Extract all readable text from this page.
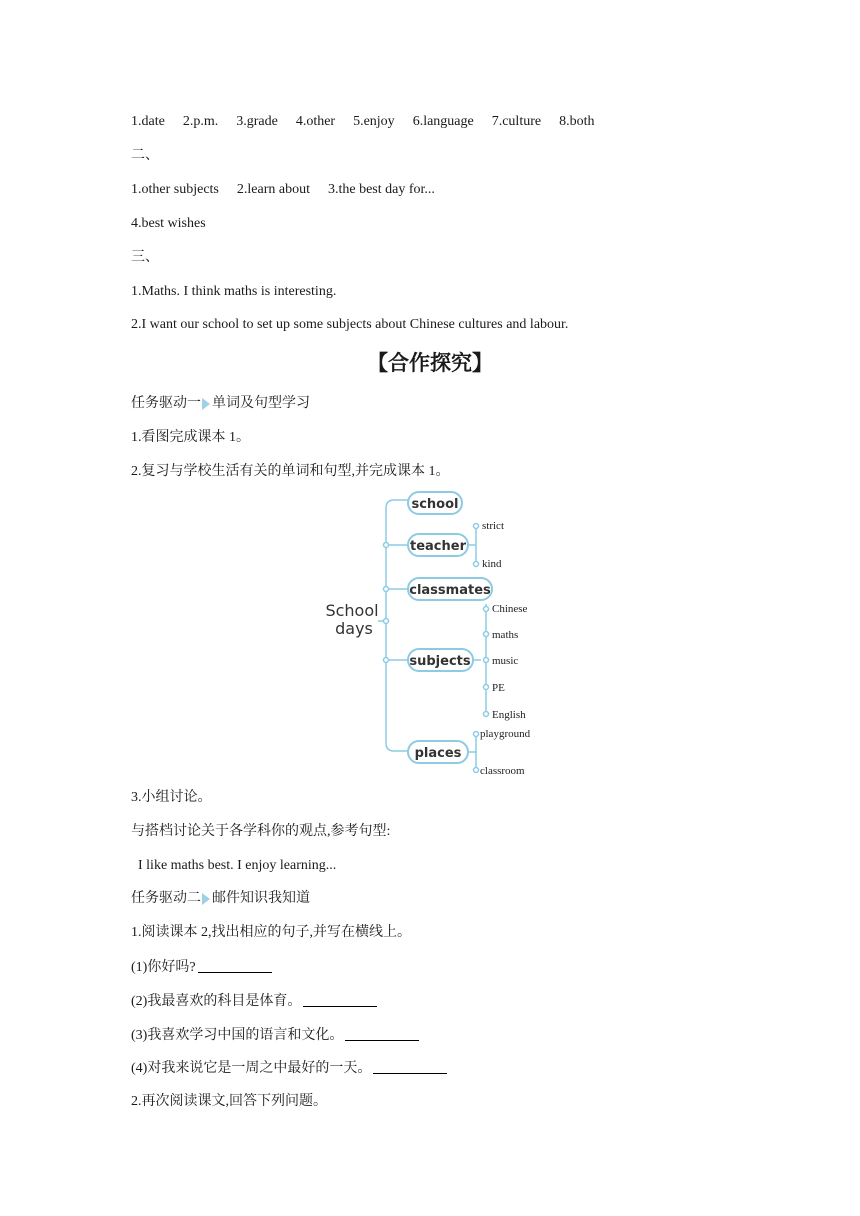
1.date 2.p.m. 3.grade 4.other 5.enjoy 6.language 7.culture 8.both
二、
1.other subjects 2.learn about 3.the best day for...
4.best wishes
三、
1.Maths. I think maths is interesting.
2.I want our school to set up some subjects about Chinese cultures and labour.
【合作探究】
任务驱动一 单词及句型学习
1.看图完成课本 1。
2.复习与学校生活有关的单词和句型,并完成课本 1。
School
days
school
teacher
classmates
subjects
places
strict
kind
Chinese
maths
music
PE
English
playground
classroom
3.小组讨论。
与搭档讨论关于各学科你的观点,参考句型:
I like maths best. I enjoy learning...
任务驱动二 邮件知识我知道
1.阅读课本 2,找出相应的句子,并写在横线上。
(1)你好吗?
(2)我最喜欢的科目是体育。
(3)我喜欢学习中国的语言和文化。
(4)对我来说它是一周之中最好的一天。
2.再次阅读课文,回答下列问题。
